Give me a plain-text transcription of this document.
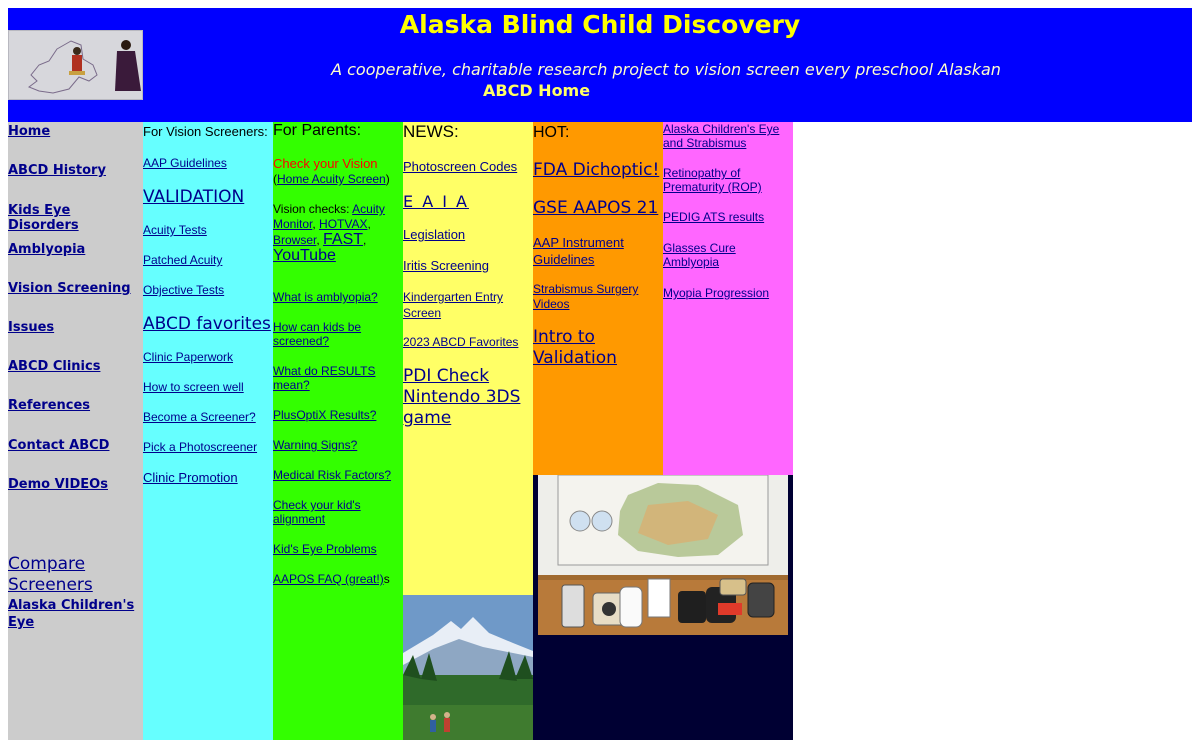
Alaska Blind Child Discovery
A cooperative, charitable research project to vision screen every preschool Alaskan
ABCD Home
Home
ABCD History
Kids Eye Disorders
Amblyopia
Vision Screening
Issues
ABCD Clinics
References
Contact ABCD
Demo VIDEOs
Compare Screeners
Alaska Children's Eye
For Vision Screeners:
AAP Guidelines
VALIDATION
Acuity Tests
Patched Acuity
Objective Tests
ABCD favorites
Clinic Paperwork
How to screen well
Become a Screener?
Pick a Photoscreener
Clinic Promotion
For Parents:
Check your Vision
(Home Acuity Screen)
Vision checks: Acuity Monitor, HOTVAX, Browser, FAST, YouTube
What is amblyopia?
How can kids be screened?
What do RESULTS mean?
PlusOptiX Results?
Warning Signs?
Medical Risk Factors?
Check your kid's alignment
Kid's Eye Problems
AAPOS FAQ (great!)s
NEWS:
Photoscreen Codes
E A I A
Legislation
Iritis Screening
Kindergarten Entry Screen
2023 ABCD Favorites
PDI Check Nintendo 3DS game
HOT:
FDA Dichoptic!
GSE AAPOS 21
AAP Instrument Guidelines
Strabismus Surgery Videos
Intro to Validation
Alaska Children's Eye and Strabismus
Retinopathy of Prematurity (ROP)
PEDIG ATS results
Glasses Cure Amblyopia
Myopia Progression
